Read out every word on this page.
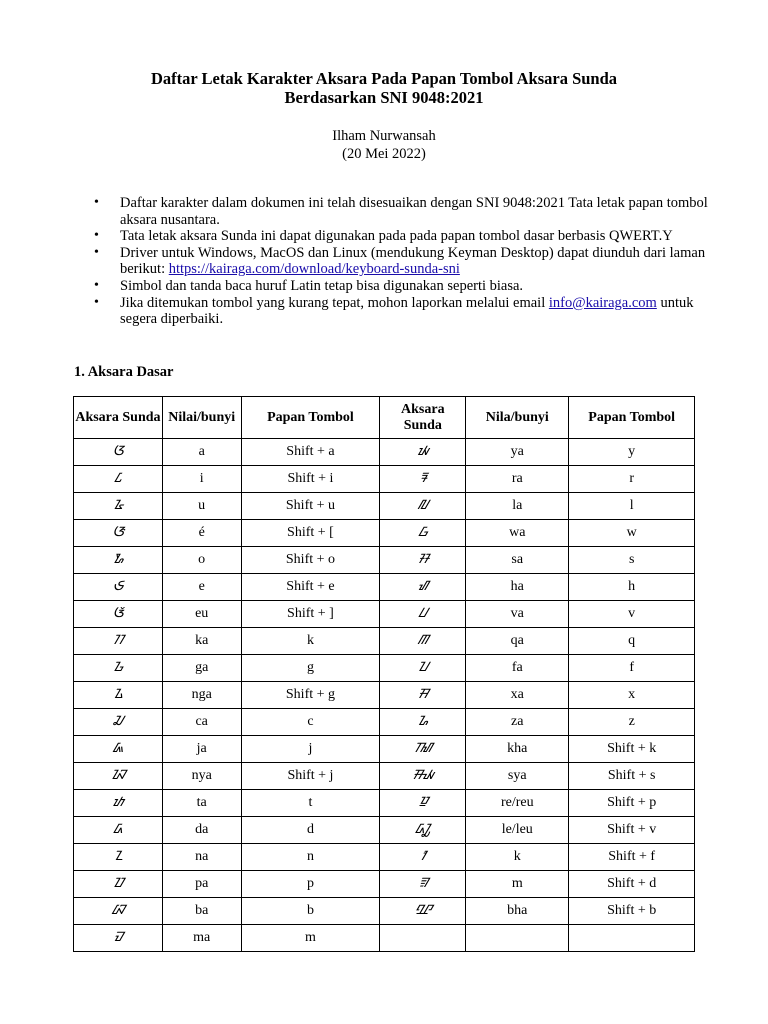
Daftar Letak Karakter Aksara Pada Papan Tombol Aksara Sunda
Berdasarkan SNI 9048:2021
Ilham Nurwansah
(20 Mei 2022)
• Daftar karakter dalam dokumen ini telah disesuaikan dengan SNI 9048:2021 Tata letak papan tombol aksara nusantara.
• Tata letak aksara Sunda ini dapat digunakan pada pada papan tombol dasar berbasis QWERT.Y
• Driver untuk Windows, MacOS dan Linux (mendukung Keyman Desktop) dapat diunduh dari laman berikut: https://kairaga.com/download/keyboard-sunda-sni
• Simbol dan tanda baca huruf Latin tetap bisa digunakan seperti biasa.
• Jika ditemukan tombol yang kurang tepat, mohon laporkan melalui email info@kairaga.com untuk segera diperbaiki.
1. Aksara Dasar
Aksara Sunda	Nilai/bunyi	Papan Tombol	Aksara Sunda	Nila/bunyi	Papan Tombol
ᮃ	a	Shift + a	ᮚ	ya	y
ᮄ	i	Shift + i	ᮛ	ra	r
ᮅ	u	Shift + u	ᮜ	la	l
ᮆ	é	Shift + [	ᮝ	wa	w
ᮇ	o	Shift + o	ᮞ	sa	s
ᮈ	e	Shift + e	ᮠ	ha	h
ᮉ	eu	Shift + ]	ᮗ	va	v
ᮊ	ka	k	ᮋ	qa	q
ᮌ	ga	g	ᮖ	fa	f
ᮍ	nga	Shift + g	ᮟ	xa	x
ᮎ	ca	c	ᮐ	za	z
ᮏ	ja	j	ᮮ	kha	Shift + k
ᮑ	nya	Shift + j	ᮯ	sya	Shift + s
ᮒ	ta	t	ᮻ	re/reu	Shift + p
ᮓ	da	d	ᮼ	le/leu	Shift + v
ᮔ	na	n	ᮺ	k	Shift + f
ᮕ	pa	p	ᮿ	m	Shift + d
ᮘ	ba	b	ᮽ	bha	Shift + b
ᮙ	ma	m			
